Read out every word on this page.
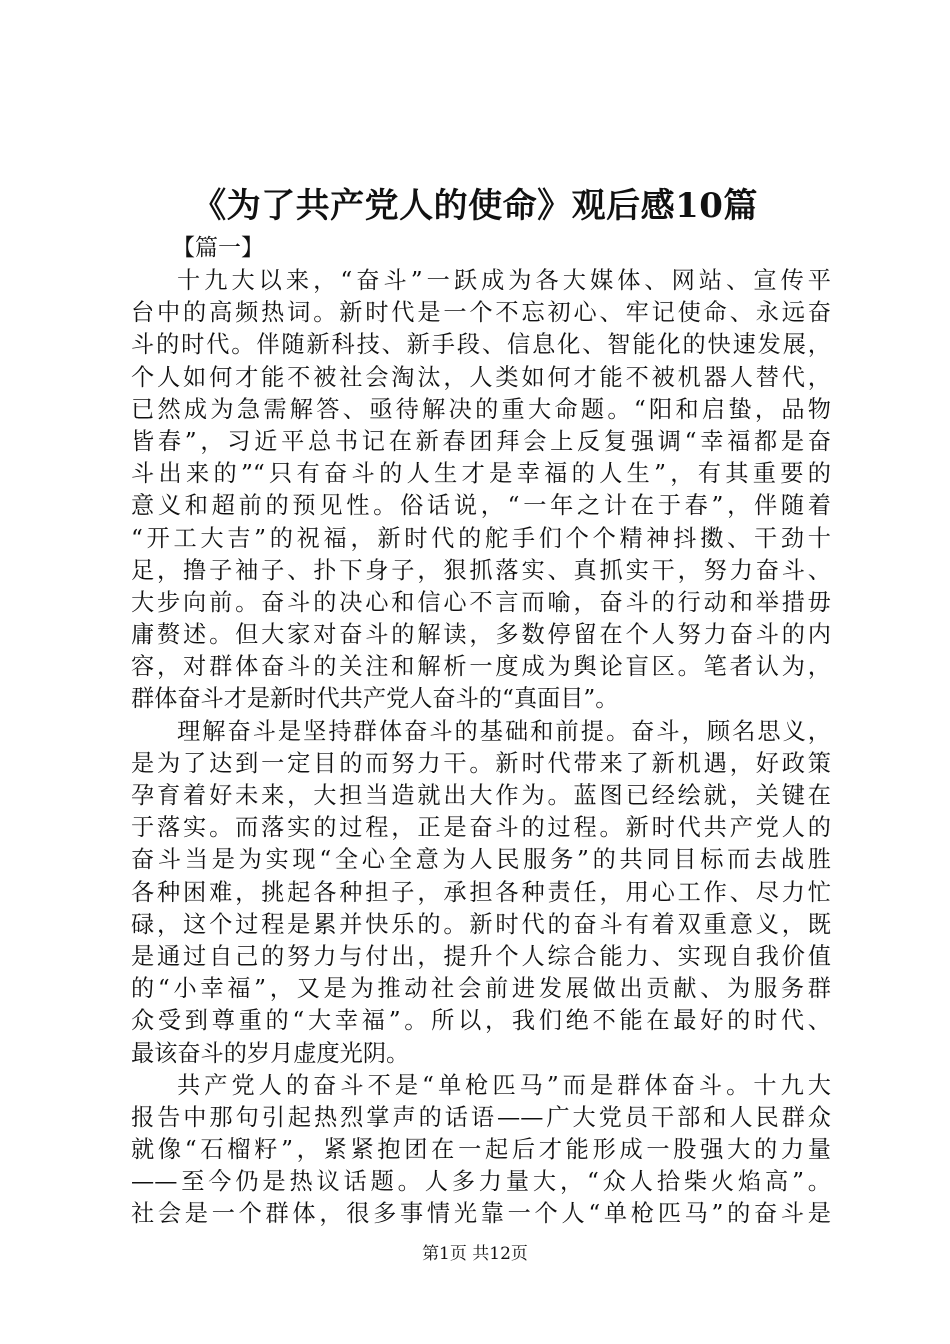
《为了共产党人的使命》观后感10篇
【篇一】
十九大以来，“奋斗”一跃成为各大媒体、网站、宣传平
台中的高频热词。新时代是一个不忘初心、牢记使命、永远奋
斗的时代。伴随新科技、新手段、信息化、智能化的快速发展，
个人如何才能不被社会淘汰，人类如何才能不被机器人替代，
已然成为急需解答、亟待解决的重大命题。“阳和启蛰，品物
皆春”，习近平总书记在新春团拜会上反复强调“幸福都是奋
斗出来的”“只有奋斗的人生才是幸福的人生”，有其重要的
意义和超前的预见性。俗话说，“一年之计在于春”，伴随着
“开工大吉”的祝福，新时代的舵手们个个精神抖擞、干劲十
足，撸子袖子、扑下身子，狠抓落实、真抓实干，努力奋斗、
大步向前。奋斗的决心和信心不言而喻，奋斗的行动和举措毋
庸赘述。但大家对奋斗的解读，多数停留在个人努力奋斗的内
容，对群体奋斗的关注和解析一度成为舆论盲区。笔者认为，
群体奋斗才是新时代共产党人奋斗的“真面目”。
理解奋斗是坚持群体奋斗的基础和前提。奋斗，顾名思义，
是为了达到一定目的而努力干。新时代带来了新机遇，好政策
孕育着好未来，大担当造就出大作为。蓝图已经绘就，关键在
于落实。而落实的过程，正是奋斗的过程。新时代共产党人的
奋斗当是为实现“全心全意为人民服务”的共同目标而去战胜
各种困难，挑起各种担子，承担各种责任，用心工作、尽力忙
碌，这个过程是累并快乐的。新时代的奋斗有着双重意义，既
是通过自己的努力与付出，提升个人综合能力、实现自我价值
的“小幸福”，又是为推动社会前进发展做出贡献、为服务群
众受到尊重的“大幸福”。所以，我们绝不能在最好的时代、
最该奋斗的岁月虚度光阴。
共产党人的奋斗不是“单枪匹马”而是群体奋斗。十九大
报告中那句引起热烈掌声的话语——广大党员干部和人民群众
就像“石榴籽”，紧紧抱团在一起后才能形成一股强大的力量
——至今仍是热议话题。人多力量大，“众人拾柴火焰高”。
社会是一个群体，很多事情光靠一个人“单枪匹马”的奋斗是
第1页 共12页
